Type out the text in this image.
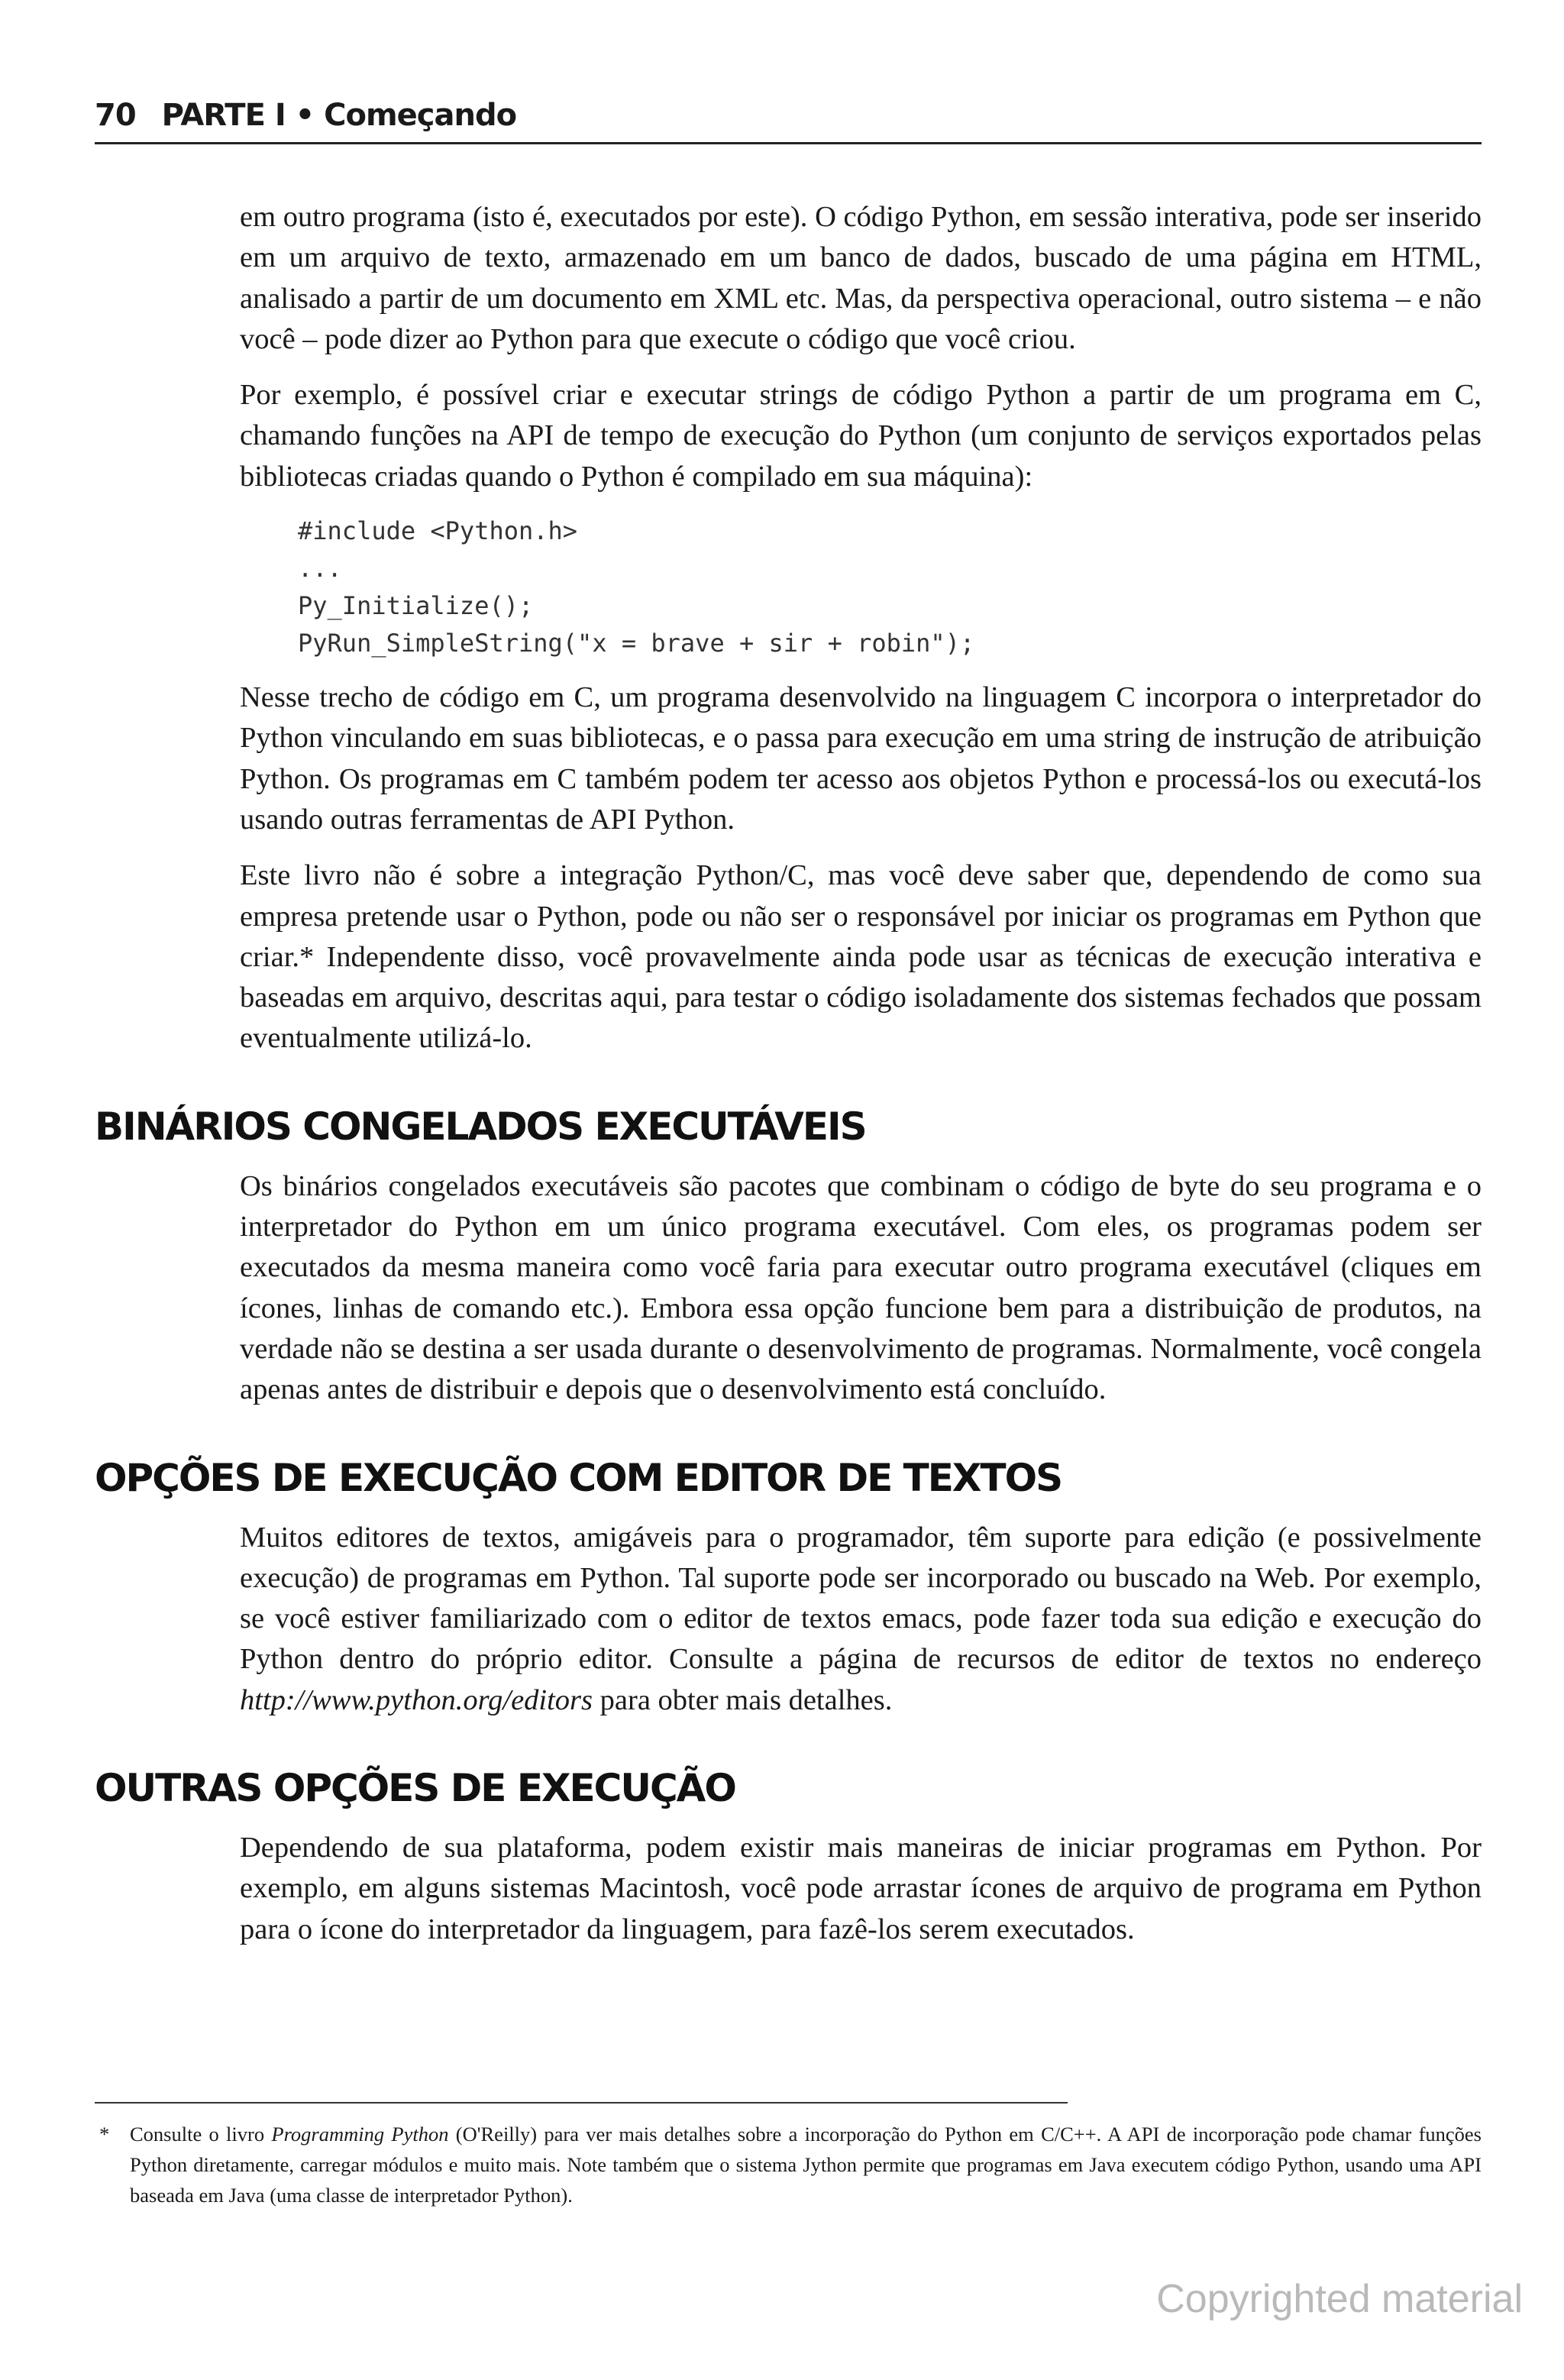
70 PARTE I • Começando

em outro programa (isto é, executados por este). O código Python, em sessão interativa, pode ser inserido em um arquivo de texto, armazenado em um banco de dados, buscado de uma página em HTML, analisado a partir de um documento em XML etc. Mas, da perspectiva operacional, outro sistema – e não você – pode dizer ao Python para que execute o código que você criou.

Por exemplo, é possível criar e executar strings de código Python a partir de um programa em C, chamando funções na API de tempo de execução do Python (um conjunto de serviços exportados pelas bibliotecas criadas quando o Python é compilado em sua máquina):

#include <Python.h>
...
Py_Initialize();
PyRun_SimpleString("x = brave + sir + robin");

Nesse trecho de código em C, um programa desenvolvido na linguagem C incorpora o interpretador do Python vinculando em suas bibliotecas, e o passa para execução em uma string de instrução de atribuição Python. Os programas em C também podem ter acesso aos objetos Python e processá-los ou executá-los usando outras ferramentas de API Python.

Este livro não é sobre a integração Python/C, mas você deve saber que, dependendo de como sua empresa pretende usar o Python, pode ou não ser o responsável por iniciar os programas em Python que criar.* Independente disso, você provavelmente ainda pode usar as técnicas de execução interativa e baseadas em arquivo, descritas aqui, para testar o código isoladamente dos sistemas fechados que possam eventualmente utilizá-lo.

BINÁRIOS CONGELADOS EXECUTÁVEIS

Os binários congelados executáveis são pacotes que combinam o código de byte do seu programa e o interpretador do Python em um único programa executável. Com eles, os programas podem ser executados da mesma maneira como você faria para executar outro programa executável (cliques em ícones, linhas de comando etc.). Embora essa opção funcione bem para a distribuição de produtos, na verdade não se destina a ser usada durante o desenvolvimento de programas. Normalmente, você congela apenas antes de distribuir e depois que o desenvolvimento está concluído.

OPÇÕES DE EXECUÇÃO COM EDITOR DE TEXTOS

Muitos editores de textos, amigáveis para o programador, têm suporte para edição (e possivelmente execução) de programas em Python. Tal suporte pode ser incorporado ou buscado na Web. Por exemplo, se você estiver familiarizado com o editor de textos emacs, pode fazer toda sua edição e execução do Python dentro do próprio editor. Consulte a página de recursos de editor de textos no endereço http://www.python.org/editors para obter mais detalhes.

OUTRAS OPÇÕES DE EXECUÇÃO

Dependendo de sua plataforma, podem existir mais maneiras de iniciar programas em Python. Por exemplo, em alguns sistemas Macintosh, você pode arrastar ícones de arquivo de programa em Python para o ícone do interpretador da linguagem, para fazê-los serem executados.

* Consulte o livro Programming Python (O'Reilly) para ver mais detalhes sobre a incorporação do Python em C/C++. A API de incorporação pode chamar funções Python diretamente, carregar módulos e muito mais. Note também que o sistema Jython permite que programas em Java executem código Python, usando uma API baseada em Java (uma classe de interpretador Python).
Copyrighted material
